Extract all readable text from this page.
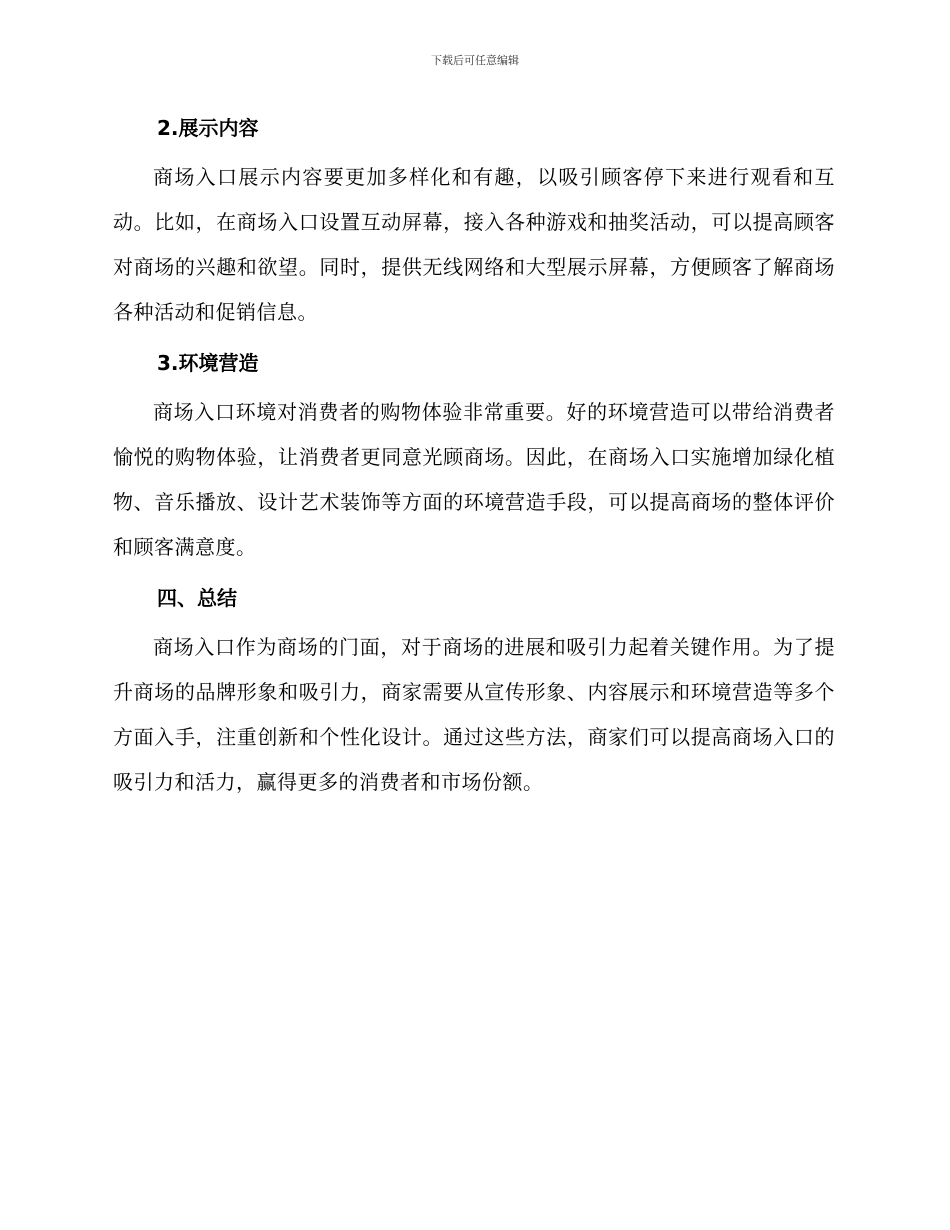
下载后可任意编辑
2.展示内容

商场入口展示内容要更加多样化和有趣，以吸引顾客停下来进行观看和互动。比如，在商场入口设置互动屏幕，接入各种游戏和抽奖活动，可以提高顾客对商场的兴趣和欲望。同时，提供无线网络和大型展示屏幕，方便顾客了解商场各种活动和促销信息。

3.环境营造

商场入口环境对消费者的购物体验非常重要。好的环境营造可以带给消费者愉悦的购物体验，让消费者更同意光顾商场。因此，在商场入口实施增加绿化植物、音乐播放、设计艺术装饰等方面的环境营造手段，可以提高商场的整体评价和顾客满意度。

四、总结

商场入口作为商场的门面，对于商场的进展和吸引力起着关键作用。为了提升商场的品牌形象和吸引力，商家需要从宣传形象、内容展示和环境营造等多个方面入手，注重创新和个性化设计。通过这些方法，商家们可以提高商场入口的吸引力和活力，赢得更多的消费者和市场份额。
